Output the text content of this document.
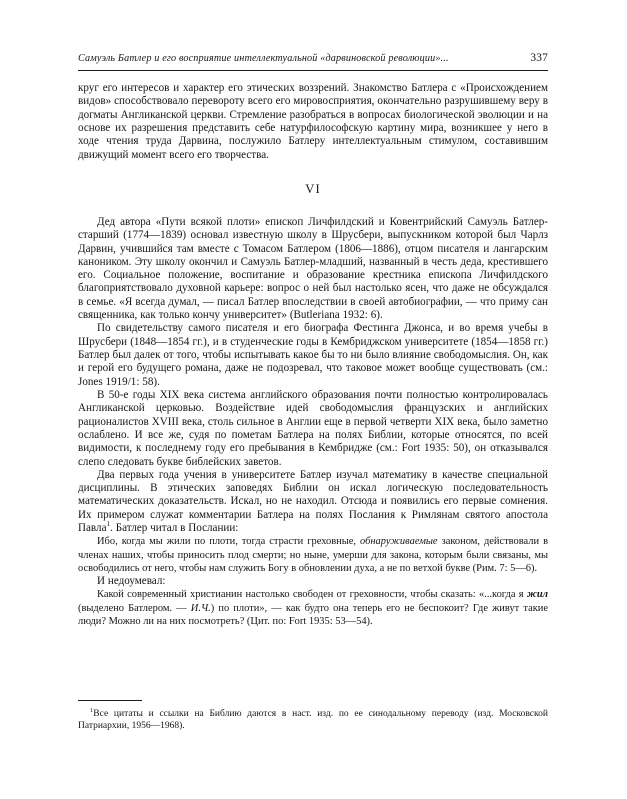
Самуэль Батлер и его восприятие интеллектуальной «дарвиновской революции»...	337

круг его интересов и характер его этических воззрений. Знакомство Батлера с «Происхождением видов» способствовало перевороту всего его мировосприятия, окончательно разрушившему веру в догматы Англиканской церкви. Стремление разобраться в вопросах биологической эволюции и на основе их разрешения представить себе натурфилософскую картину мира, возникшее у него в ходе чтения труда Дарвина, послужило Батлеру интеллектуальным стимулом, составившим движущий момент всего его творчества.

VI

Дед автора «Пути всякой плоти» епископ Личфилдский и Ковентрийский Самуэль Батлер-старший (1774—1839) основал известную школу в Шрусбери, выпускником которой был Чарлз Дарвин, учившийся там вместе с Томасом Батлером (1806—1886), отцом писателя и лангарским каноником. Эту школу окончил и Самуэль Батлер-младший, названный в честь деда, крестившего его. Социальное положение, воспитание и образование крестника епископа Личфилдского благоприятствовало духовной карьере: вопрос о ней был настолько ясен, что даже не обсуждался в семье. «Я всегда думал, — писал Батлер впоследствии в своей автобиографии, — что приму сан священника, как только кончу университет» (Butleriana 1932: 6).

По свидетельству самого писателя и его биографа Фестинга Джонса, и во время учебы в Шрусбери (1848—1854 гг.), и в студенческие годы в Кембриджском университете (1854—1858 гг.) Батлер был далек от того, чтобы испытывать какое бы то ни было влияние свободомыслия. Он, как и герой его будущего романа, даже не подозревал, что таковое может вообще существовать (см.: Jones 1919/1: 58).

В 50-е годы XIX века система английского образования почти полностью контролировалась Англиканской церковью. Воздействие идей свободомыслия французских и английских рационалистов XVIII века, столь сильное в Англии еще в первой четверти XIX века, было заметно ослаблено. И все же, судя по пометам Батлера на полях Библии, которые относятся, по всей видимости, к последнему году его пребывания в Кембридже (см.: Fort 1935: 50), он отказывался слепо следовать букве библейских заветов.

Два первых года учения в университете Батлер изучал математику в качестве специальной дисциплины. В этических заповедях Библии он искал логическую последовательность математических доказательств. Искал, но не находил. Отсюда и появились его первые сомнения. Их примером служат комментарии Батлера на полях Послания к Римлянам святого апостола Павла$^1$. Батлер читал в Послании:

Ибо, когда мы жили по плоти, тогда страсти греховные, обнаруживаемые законом, действовали в членах наших, чтобы приносить плод смерти; но ныне, умерши для закона, которым были связаны, мы освободились от него, чтобы нам служить Богу в обновлении духа, а не по ветхой букве (Рим. 7: 5—6).

И недоумевал:

Какой современный христианин настолько свободен от греховности, чтобы сказать: «...когда я жил (выделено Батлером. — И.Ч.) по плоти», — как будто она теперь его не беспокоит? Где живут такие люди? Можно ли на них посмотреть? (Цит. по: Fort 1935: 53—54).

$^1$Все цитаты и ссылки на Библию даются в наст. изд. по ее синодальному переводу (изд. Московской Патриархии, 1956—1968).
